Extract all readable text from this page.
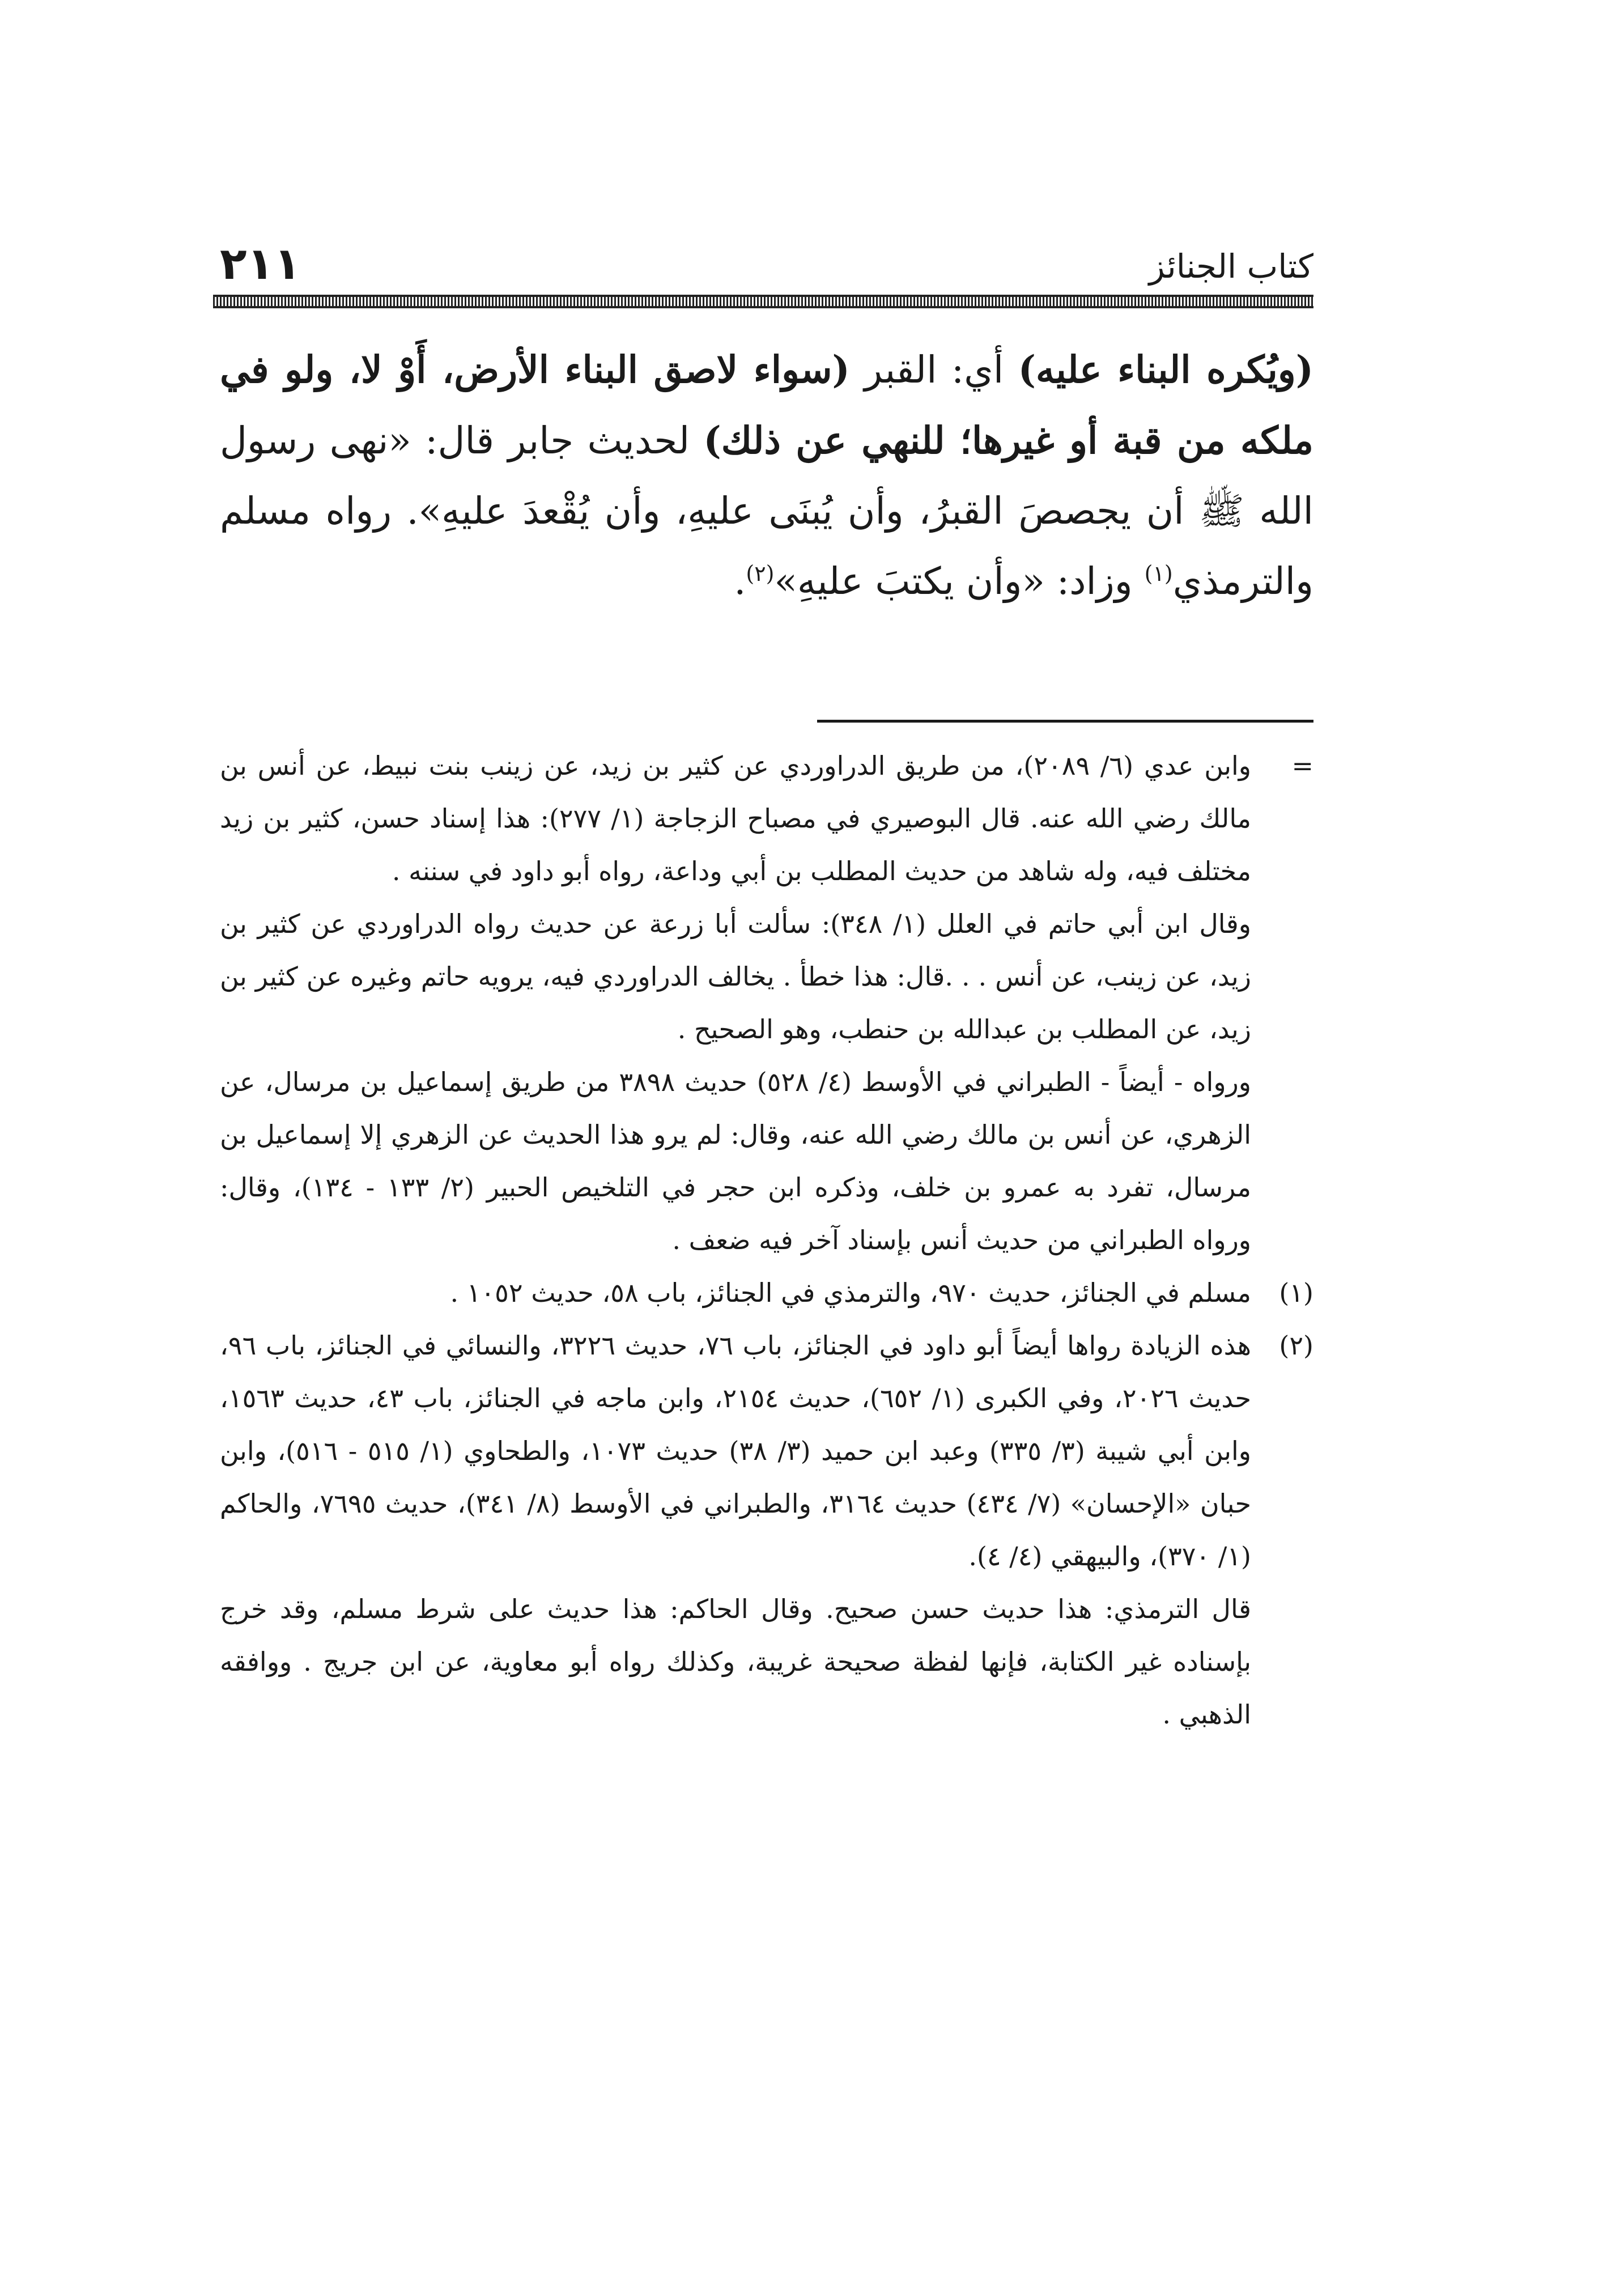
٢١١	كتاب الجنائز

(ويُكره البناء عليه) أي: القبر (سواء لاصق البناء الأرض، أَوْ لا، ولو في ملكه من قبة أو غيرها؛ للنهي عن ذلك) لحديث جابر قال: «نهى رسول الله ﷺ أن يجصصَ القبرُ، وأن يُبنَى عليهِ، وأن يُقْعدَ عليهِ». رواه مسلم والترمذي$^{(١)}$ وزاد: «وأن يكتبَ عليهِ»$^{(٢)}$.

=

وابن عدي (٦/ ٢٠٨٩)، من طريق الدراوردي عن كثير بن زيد، عن زينب بنت نبيط، عن أنس بن مالك رضي الله عنه. قال البوصيري في مصباح الزجاجة (١/ ٢٧٧): هذا إسناد حسن، كثير بن زيد مختلف فيه، وله شاهد من حديث المطلب بن أبي وداعة، رواه أبو داود في سننه .

وقال ابن أبي حاتم في العلل (١/ ٣٤٨): سألت أبا زرعة عن حديث رواه الدراوردي عن كثير بن زيد، عن زينب، عن أنس . . .قال: هذا خطأ . يخالف الدراوردي فيه، يرويه حاتم وغيره عن كثير بن زيد، عن المطلب بن عبدالله بن حنطب، وهو الصحيح .

ورواه - أيضاً - الطبراني في الأوسط (٤/ ٥٢٨) حديث ٣٨٩٨ من طريق إسماعيل بن مرسال، عن الزهري، عن أنس بن مالك رضي الله عنه، وقال: لم يرو هذا الحديث عن الزهري إلا إسماعيل بن مرسال، تفرد به عمرو بن خلف، وذكره ابن حجر في التلخيص الحبير (٢/ ١٣٣ - ١٣٤)، وقال: ورواه الطبراني من حديث أنس بإسناد آخر فيه ضعف .

(١)

مسلم في الجنائز، حديث ٩٧٠، والترمذي في الجنائز، باب ٥٨، حديث ١٠٥٢ .

(٢)

هذه الزيادة رواها أيضاً أبو داود في الجنائز، باب ٧٦، حديث ٣٢٢٦، والنسائي في الجنائز، باب ٩٦، حديث ٢٠٢٦، وفي الكبرى (١/ ٦٥٢)، حديث ٢١٥٤، وابن ماجه في الجنائز، باب ٤٣، حديث ١٥٦٣، وابن أبي شيبة (٣/ ٣٣٥) وعبد ابن حميد (٣/ ٣٨) حديث ١٠٧٣، والطحاوي (١/ ٥١٥ - ٥١٦)، وابن حبان «الإحسان» (٧/ ٤٣٤) حديث ٣١٦٤، والطبراني في الأوسط (٨/ ٣٤١)، حديث ٧٦٩٥، والحاكم (١/ ٣٧٠)، والبيهقي (٤/ ٤).

قال الترمذي: هذا حديث حسن صحيح. وقال الحاكم: هذا حديث على شرط مسلم، وقد خرج بإسناده غير الكتابة، فإنها لفظة صحيحة غريبة، وكذلك رواه أبو معاوية، عن ابن جريج . ووافقه الذهبي .
